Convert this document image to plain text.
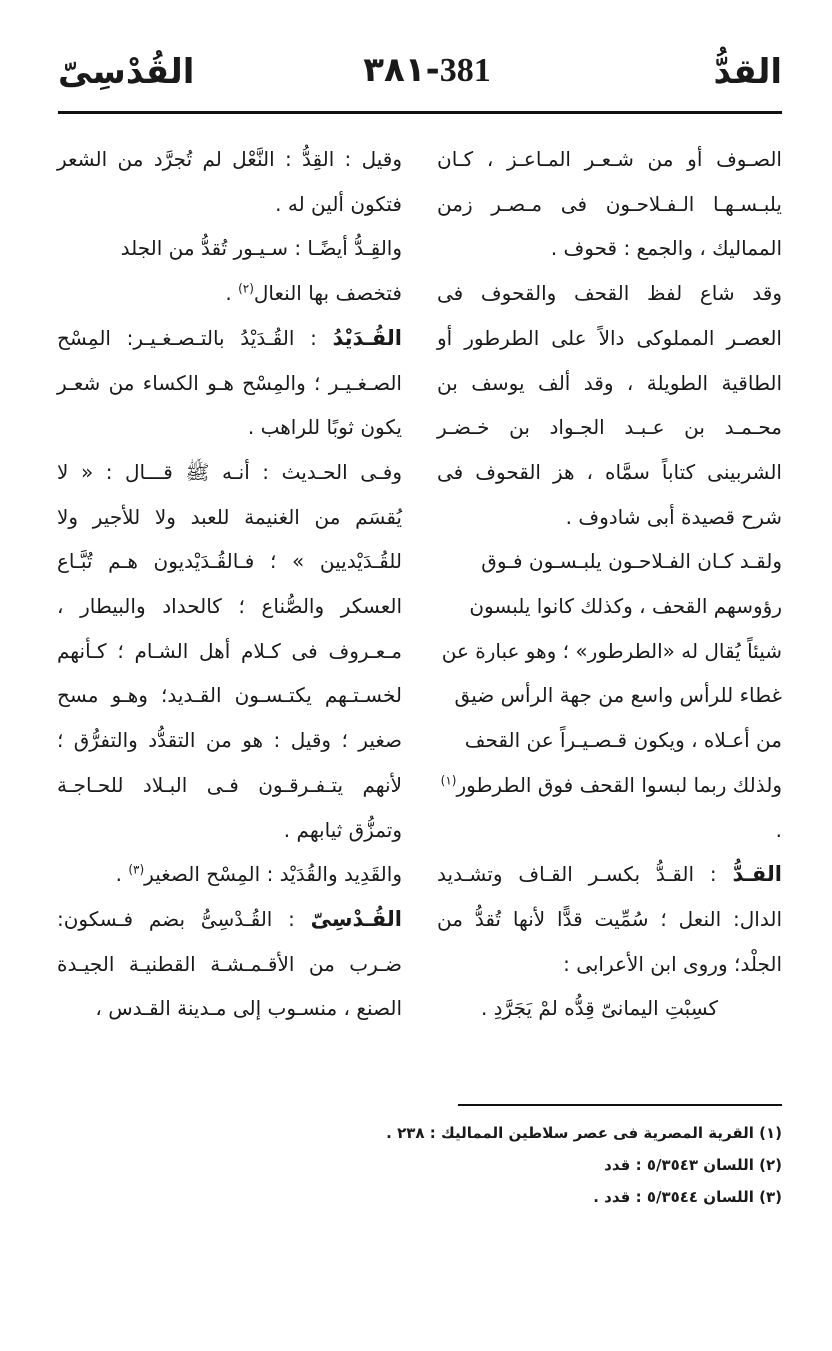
القدُّ
٣٨١-381
القُدْسِىّ

الصـوف أو من شـعـر المـاعـز ، كـان يلبـسـهـا الـفـلاحـون فى مـصـر زمن المماليك ، والجمع : قحوف .

وقد شاع لفظ القحف والقحوف فى العصـر المملوكى دالاً على الطرطور أو الطاقية الطويلة ، وقد ألف يوسف بن محـمـد بن عـبـد الجـواد بن خـضـر الشربينى كتاباً سمَّاه ، هز القحوف فى شرح قصيدة أبى شادوف .

ولقـد كـان الفـلاحـون يلبـسـون فـوق رؤوسهم القحف ، وكذلك كانوا يلبسون شيئاً يُقال له «الطرطور» ؛ وهو عبارة عن غطاء للرأس واسع من جهة الرأس ضيق من أعـلاه ، ويكون قـصـيـراً عن القحف ولذلك ربما لبسوا القحف فوق الطرطور$^{(١)}$ .

القـدُّ : القـدُّ بكسـر القـاف وتشـديد الدال: النعل ؛ سُمِّيت قدًّا لأنها تُقدُّ من الجلْد؛ وروى ابن الأعرابى :

كسِبْتِ اليمانىّ قِدُّه لمْ يَجَرَّدِ .

وقيل : القِدُّ : النَّعْل لم تُجرَّد من الشعر فتكون ألين له .

والقِـدُّ أيضًـا : سـيـور تُقدُّ من الجلد فتخصف بها النعال$^{(٢)}$ .

القُـدَيْدُ : القُـدَيْدُ بالتـصـغـيـر: المِسْح الصـغـيـر ؛ والمِسْح هـو الكساء من شعـر يكون ثوبًا للراهب .

وفـى الحـديث : أنـه ﷺ قـــال : « لا يُقسَم من الغنيمة للعبد ولا للأجير ولا للقُـدَيْديين » ؛ فـالقُـدَيْديون هـم تُبَّـاع العسكر والصُّناع ؛ كالحداد والبيطار ، مـعـروف فى كـلام أهل الشـام ؛ كـأنهم لخسـتـهم يكتـسـون القـديد؛ وهـو مسح صغير ؛ وقيل : هو من التقدُّد والتفرُّق ؛ لأنهم يتـفـرقـون فـى البـلاد للحـاجـة وتمزُّق ثيابهم .

والقَدِيد والقُدَيْد : المِسْح الصغير$^{(٣)}$ .

القُـدْسِىّ : القُـدْسِىُّ بضم فـسكون: ضـرب من الأقـمـشـة القطنيـة الجيـدة الصنع ، منسـوب إلى مـدينة القـدس ،

(١) القرية المصرية فى عصر سلاطين المماليك : ٢٣٨ .
(٢) اللسان ٥/٣٥٤٣ : قدد
(٣) اللسان ٥/٣٥٤٤ : قدد .
